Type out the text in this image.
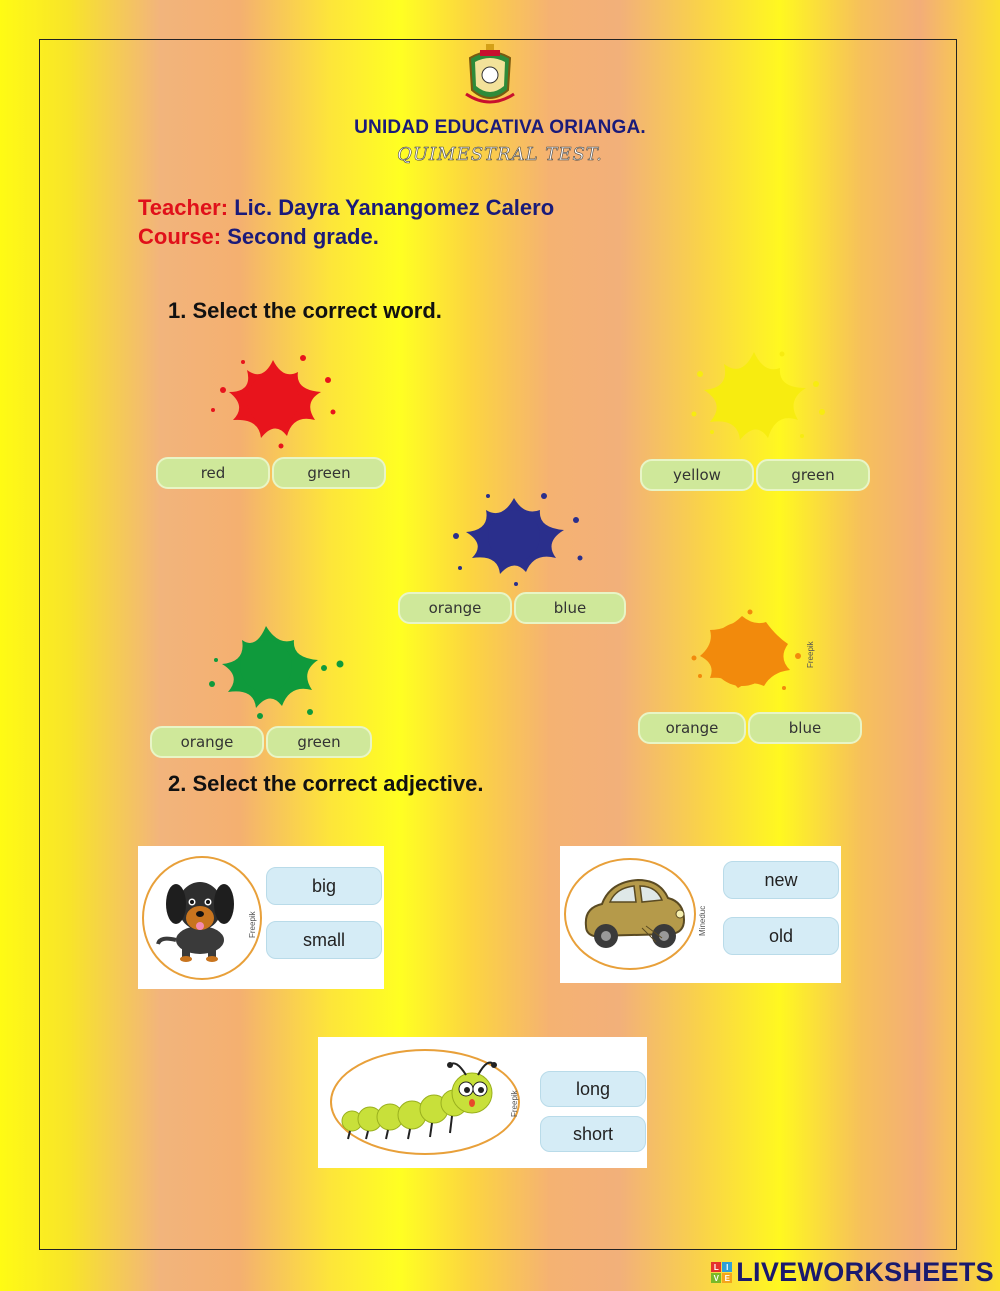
UNIDAD EDUCATIVA ORIANGA.
QUIMESTRAL TEST.
Teacher: Lic. Dayra Yanangomez Calero
Course: Second grade.
1. Select the correct word.
red	green	yellow	green
orange	blue
orange	green
Freepik
orange	blue
2. Select the correct adjective.
Freepik
big
small
Mineduc
new
old
Freepik
long
short
L I
V E LIVEWORKSHEETS
